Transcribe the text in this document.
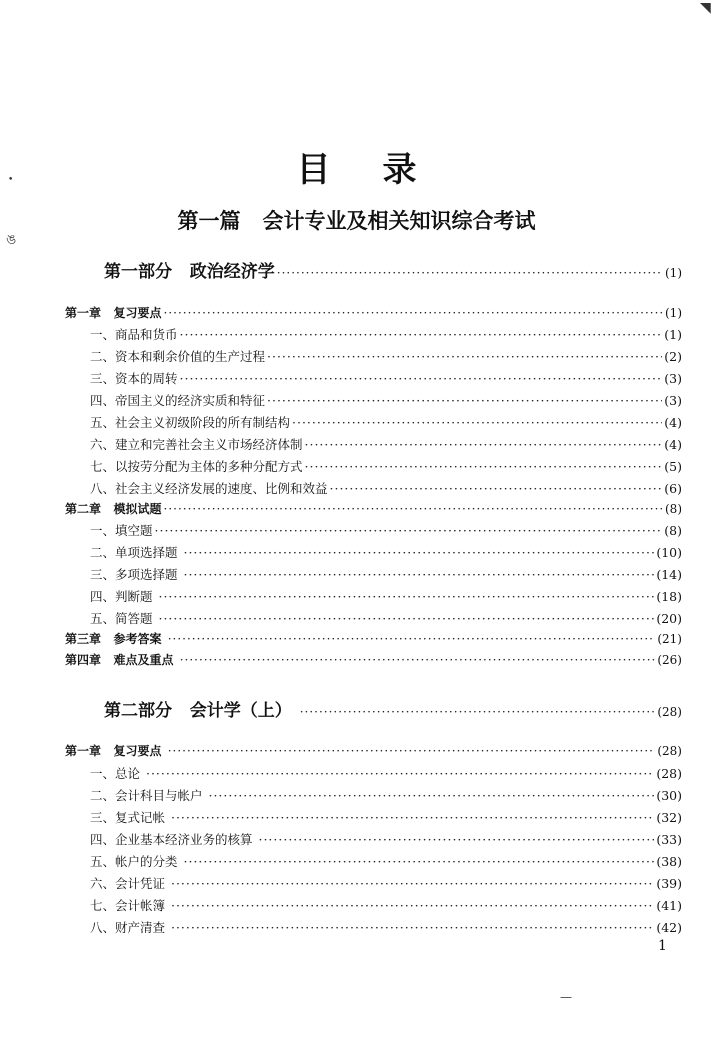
目录
第一篇   会计专业及相关知识综合考试
第一部分   政治经济学 ·····	(1)
第一章   复习要点 ·····	(1)
一、商品和货币 ·····	(1)
二、资本和剩余价值的生产过程 ·····	(2)
三、资本的周转 ·····	(3)
四、帝国主义的经济实质和特征 ·····	(3)
五、社会主义初级阶段的所有制结构 ·····	(4)
六、建立和完善社会主义市场经济体制 ·····	(4)
七、以按劳分配为主体的多种分配方式 ·····	(5)
八、社会主义经济发展的速度、比例和效益 ·····	(6)
第二章   模拟试题 ·····	(8)
一、填空题 ·····	(8)
二、单项选择题 ·····	(10)
三、多项选择题 ·····	(14)
四、判断题 ·····	(18)
五、简答题 ·····	(20)
第三章   参考答案 ·····	(21)
第四章   难点及重点 ·····	(26)
第二部分   会计学（上） ·····	(28)
第一章   复习要点 ·····	(28)
一、总论 ·····	(28)
二、会计科目与帐户 ·····	(30)
三、复式记帐 ·····	(32)
四、企业基本经济业务的核算 ·····	(33)
五、帐户的分类 ·····	(38)
六、会计凭证 ·····	(39)
七、会计帐簿 ·····	(41)
八、财产清查 ·····	(42)
1
◥
•
ঙ
—
